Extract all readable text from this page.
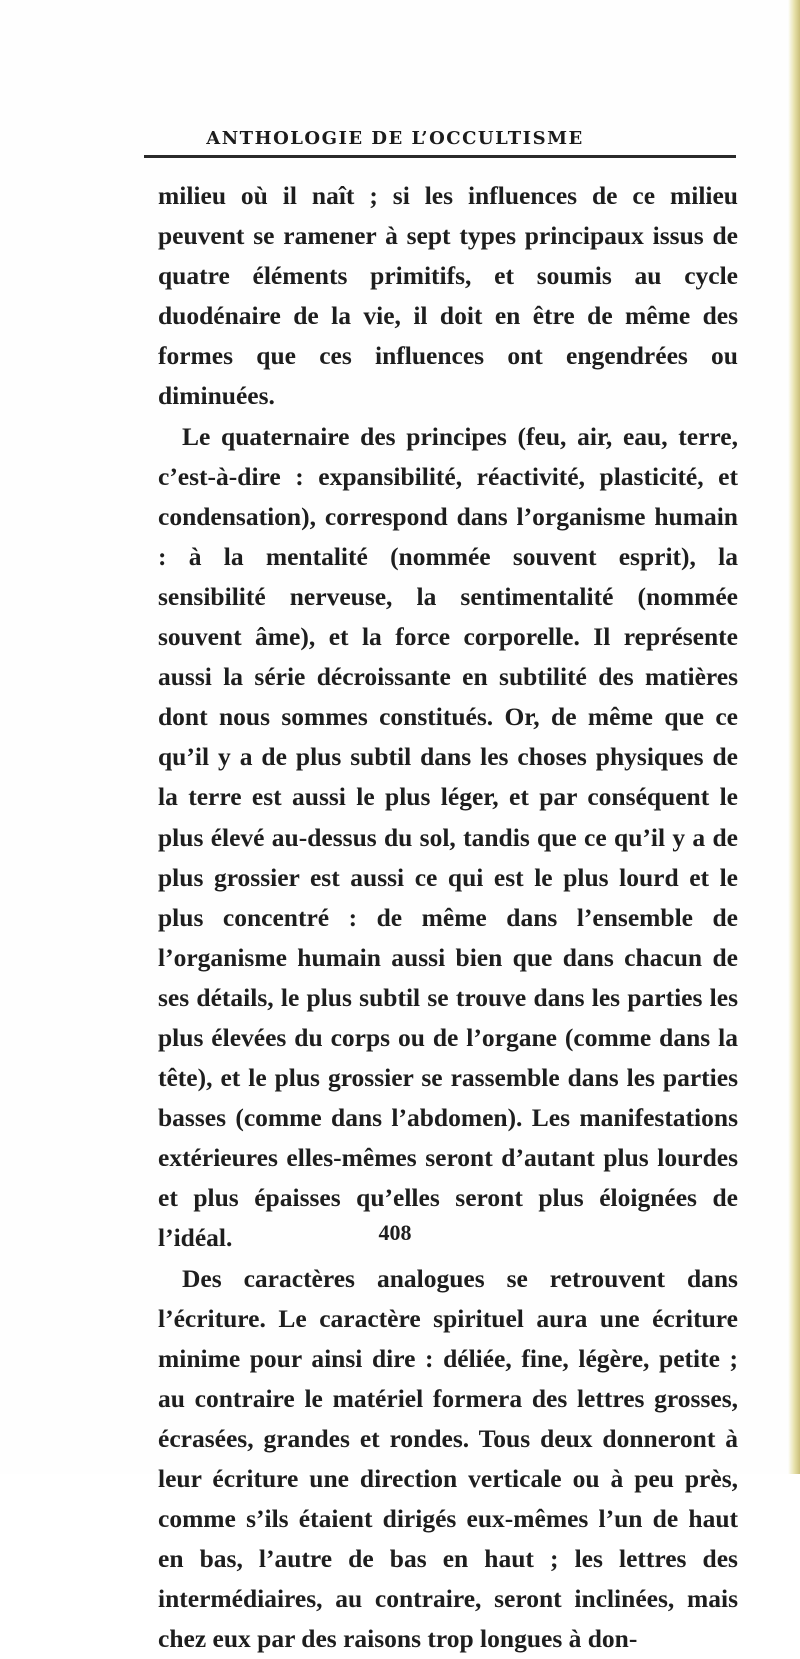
ANTHOLOGIE DE L’OCCULTISME

milieu où il naît ; si les influences de ce milieu peuvent se ramener à sept types principaux issus de quatre éléments primitifs, et soumis au cycle duodénaire de la vie, il doit en être de même des formes que ces influences ont engendrées ou diminuées.

Le quaternaire des principes (feu, air, eau, terre, c’est-à-dire : expansibilité, réactivité, plasticité, et condensation), correspond dans l’organisme humain : à la mentalité (nommée souvent esprit), la sensibilité nerveuse, la sentimentalité (nommée souvent âme), et la force corporelle. Il représente aussi la série décroissante en subtilité des matières dont nous sommes constitués. Or, de même que ce qu’il y a de plus subtil dans les choses physiques de la terre est aussi le plus léger, et par conséquent le plus élevé au-dessus du sol, tandis que ce qu’il y a de plus grossier est aussi ce qui est le plus lourd et le plus concentré : de même dans l’ensemble de l’organisme humain aussi bien que dans chacun de ses détails, le plus subtil se trouve dans les parties les plus élevées du corps ou de l’organe (comme dans la tête), et le plus grossier se rassemble dans les parties basses (comme dans l’abdomen). Les manifestations extérieures elles-mêmes seront d’autant plus lourdes et plus épaisses qu’elles seront plus éloignées de l’idéal.

Des caractères analogues se retrouvent dans l’écriture. Le caractère spirituel aura une écriture minime pour ainsi dire : déliée, fine, légère, petite ; au contraire le matériel formera des lettres grosses, écrasées, grandes et rondes. Tous deux donneront à leur écriture une direction verticale ou à peu près, comme s’ils étaient dirigés eux-mêmes l’un de haut en bas, l’autre de bas en haut ; les lettres des intermédiaires, au contraire, seront inclinées, mais chez eux par des raisons trop longues à don-

408
